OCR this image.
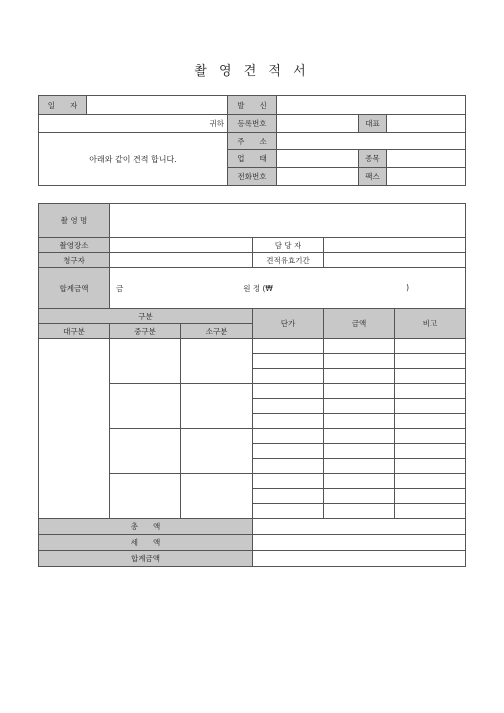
촬 영 견 적 서
일　　자		발　　신			
귀하		등록번호		대표	
아래와 같이 견적 합니다.		주　　소			
		업　　태		종목	
		전화번호		팩스	
촬 영 명					
촬영장소			담 당 자		
청구자			견적유효기간		
합계금액	금 원 정 (₩ )				

구분			단가	금액	비고
대구분	중구분	소구분			

총　　액					
세　　액					
합계금액					
